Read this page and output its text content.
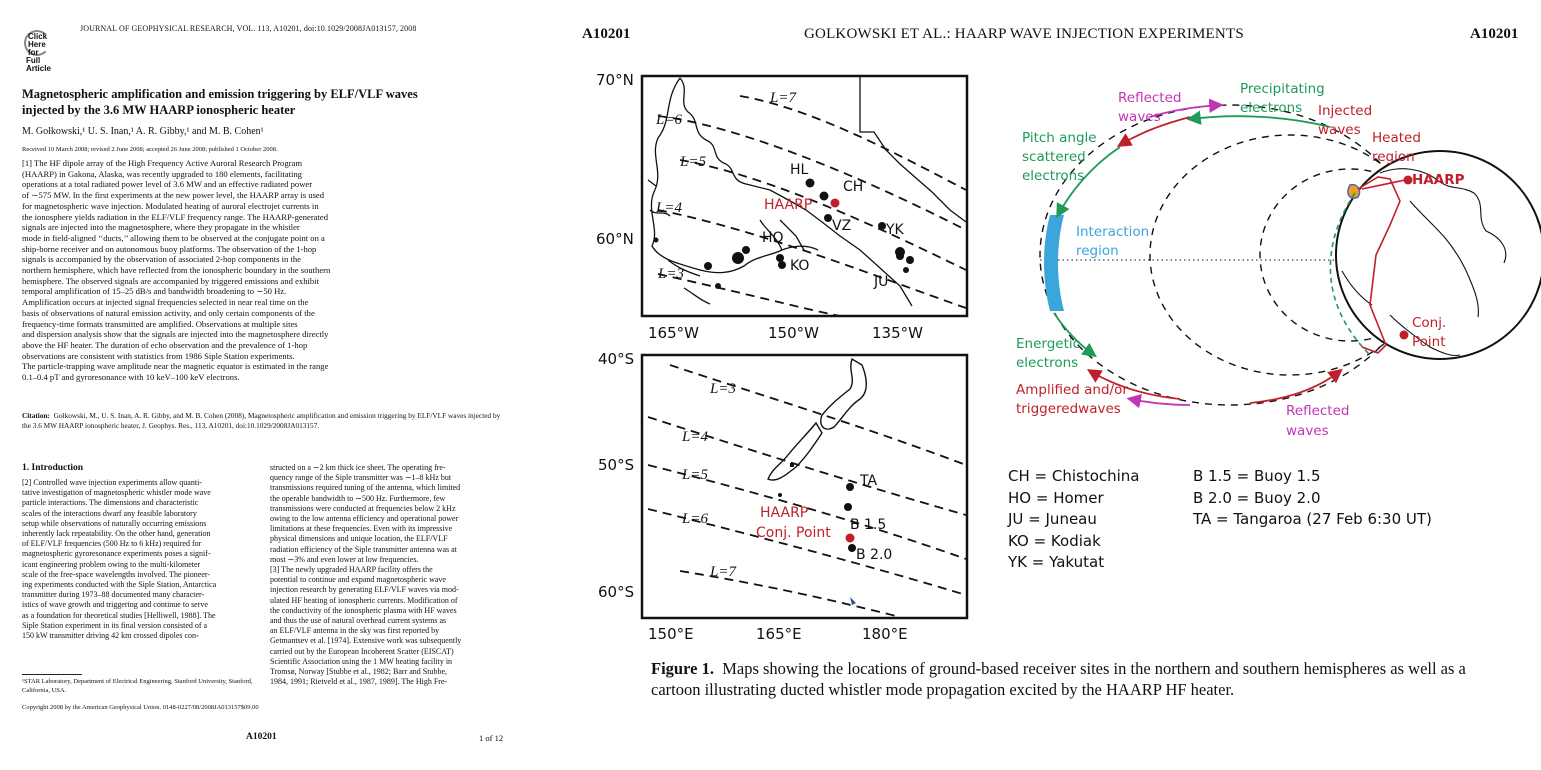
Click
Here
for
Full
Article
JOURNAL OF GEOPHYSICAL RESEARCH, VOL. 113, A10201, doi:10.1029/2008JA013157, 2008
Magnetospheric amplification and emission triggering by ELF/VLF waves injected by the 3.6 MW HAARP ionospheric heater
M. Gołkowski,¹ U. S. Inan,¹ A. R. Gibby,¹ and M. B. Cohen¹
Received 10 March 2008; revised 2 June 2008; accepted 26 June 2008; published 1 October 2008.
[1] The HF dipole array of the High Frequency Active Auroral Research Program
(HAARP) in Gakona, Alaska, was recently upgraded to 180 elements, facilitating
operations at a total radiated power level of 3.6 MW and an effective radiated power
of ∼575 MW. In the first experiments at the new power level, the HAARP array is used
for magnetospheric wave injection. Modulated heating of auroral electrojet currents in
the ionosphere yields radiation in the ELF/VLF frequency range. The HAARP-generated
signals are injected into the magnetosphere, where they propagate in the whistler
mode in field-aligned ‘‘ducts,’’ allowing them to be observed at the conjugate point on a
ship-borne receiver and on autonomous buoy platforms. The observation of the 1-hop
signals is accompanied by the observation of associated 2-hop components in the
northern hemisphere, which have reflected from the ionospheric boundary in the southern
hemisphere. The observed signals are accompanied by triggered emissions and exhibit
temporal amplification of 15–25 dB/s and bandwidth broadening to ∼50 Hz.
Amplification occurs at injected signal frequencies selected in near real time on the
basis of observations of natural emission activity, and only certain components of the
frequency-time formats transmitted are amplified. Observations at multiple sites
and dispersion analysis show that the signals are injected into the magnetosphere directly
above the HF heater. The duration of echo observation and the prevalence of 1-hop
observations are consistent with statistics from 1986 Siple Station experiments.
The particle-trapping wave amplitude near the magnetic equator is estimated in the range
0.1–0.4 pT and gyroresonance with 10 keV–100 keV electrons.
Citation: Gołkowski, M., U. S. Inan, A. R. Gibby, and M. B. Cohen (2008), Magnetospheric amplification and emission triggering by ELF/VLF waves injected by the 3.6 MW HAARP ionospheric heater, J. Geophys. Res., 113, A10201, doi:10.1029/2008JA013157.
1. Introduction
[2] Controlled wave injection experiments allow quanti-
tative investigation of magnetospheric whistler mode wave
particle interactions. The dimensions and characteristic
scales of the interactions dwarf any feasible laboratory
setup while observations of naturally occurring emissions
inherently lack repeatability. On the other hand, generation
of ELF/VLF frequencies (500 Hz to 6 kHz) required for
magnetospheric gyroresonance experiments poses a signif-
icant engineering problem owing to the multi-kilometer
scale of the free-space wavelengths involved. The pioneer-
ing experiments conducted with the Siple Station, Antarctica
transmitter during 1973–88 documented many character-
istics of wave growth and triggering and continue to serve
as a foundation for theoretical studies [Helliwell, 1988]. The
Siple Station experiment in its final version consisted of a
150 kW transmitter driving 42 km crossed dipoles con-
structed on a ∼2 km thick ice sheet. The operating fre-
quency range of the Siple transmitter was ∼1–8 kHz but
transmissions required tuning of the antenna, which limited
the operable bandwidth to ∼500 Hz. Furthermore, few
transmissions were conducted at frequencies below 2 kHz
owing to the low antenna efficiency and operational power
limitations at these frequencies. Even with its impressive
physical dimensions and unique location, the ELF/VLF
radiation efficiency of the Siple transmitter antenna was at
most ∼3% and even lower at low frequencies.
[3] The newly upgraded HAARP facility offers the
potential to continue and expand magnetospheric wave
injection research by generating ELF/VLF waves via mod-
ulated HF heating of ionospheric currents. Modification of
the conductivity of the ionospheric plasma with HF waves
and thus the use of natural overhead current systems as
an ELF/VLF antenna in the sky was first reported by
Getmantsev et al. [1974]. Extensive work was subsequently
carried out by the European Incoherent Scatter (EISCAT)
Scientific Association using the 1 MW heating facility in
Tromsø, Norway [Stubbe et al., 1982; Barr and Stubbe,
1984, 1991; Rietveld et al., 1987, 1989]. The High Fre-
¹STAR Laboratory, Department of Electrical Engineering, Stanford University, Stanford, California, USA.
Copyright 2008 by the American Geophysical Union. 0148-0227/08/2008JA013157$09.00
A10201	1 of 12
A10201	GOLKOWSKI ET AL.: HAARP WAVE INJECTION EXPERIMENTS	A10201
70°N
60°N
165°W	150°W	135°W
L=7
L=6
L=5
L=4
L=3
HL
CH
HAARP
VZ YK
HO
KO
JU
40°S
50°S
60°S
150°E	165°E	180°E
L=3
L=4
L=5
L=6
L=7
TA
B 1.5
B 2.0
HAARP
Conj. Point
Reflected
waves
Precipitating
electrons Injected
waves Heated
region
HAARP
Pitch angle
scattered
electrons
Interaction
region
Conj.
Point
Energetic
electrons
Amplified and/or
triggeredwaves	Reflected
waves
CH = Chistochina
HO = Homer
JU = Juneau
KO = Kodiak
YK = Yakutat
B 1.5 = Buoy 1.5
B 2.0 = Buoy 2.0
TA = Tangaroa (27 Feb 6:30 UT)
Figure 1. Maps showing the locations of ground-based receiver sites in the northern and southern hemispheres as well as a cartoon illustrating ducted whistler mode propagation excited by the HAARP HF heater.
